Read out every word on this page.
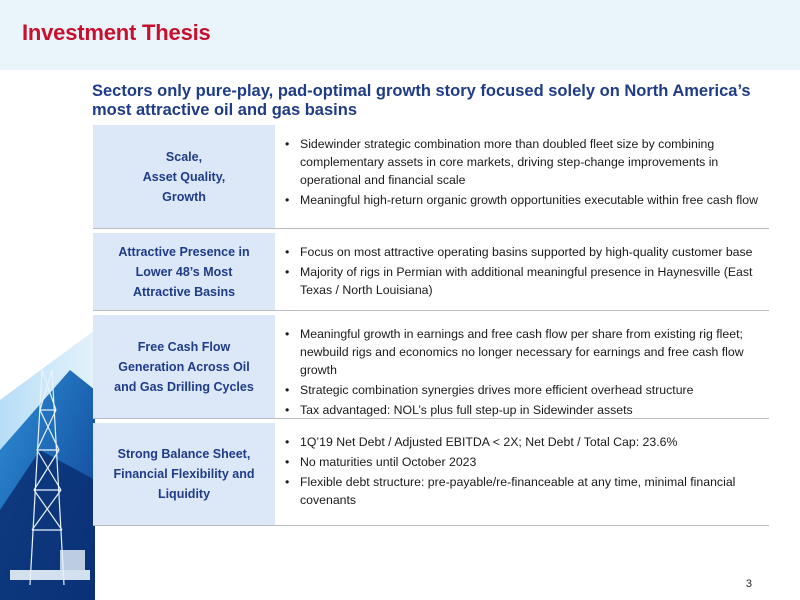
Investment Thesis
Sectors only pure-play, pad-optimal growth story focused solely on North America’s most attractive oil and gas basins
Scale,
Asset Quality,
Growth
• Sidewinder strategic combination more than doubled fleet size by combining complementary assets in core markets, driving step-change improvements in operational and financial scale
• Meaningful high-return organic growth opportunities executable within free cash flow
Attractive Presence in
Lower 48’s Most
Attractive Basins
• Focus on most attractive operating basins supported by high-quality customer base
• Majority of rigs in Permian with additional meaningful presence in Haynesville (East Texas / North Louisiana)
Free Cash Flow
Generation Across Oil
and Gas Drilling Cycles
• Meaningful growth in earnings and free cash flow per share from existing rig fleet; newbuild rigs and economics no longer necessary for earnings and free cash flow growth
• Strategic combination synergies drives more efficient overhead structure
• Tax advantaged: NOL’s plus full step-up in Sidewinder assets
Strong Balance Sheet,
Financial Flexibility and
Liquidity
• 1Q’19 Net Debt / Adjusted EBITDA < 2X; Net Debt / Total Cap: 23.6%
• No maturities until October 2023
• Flexible debt structure: pre-payable/re-financeable at any time, minimal financial covenants
3
